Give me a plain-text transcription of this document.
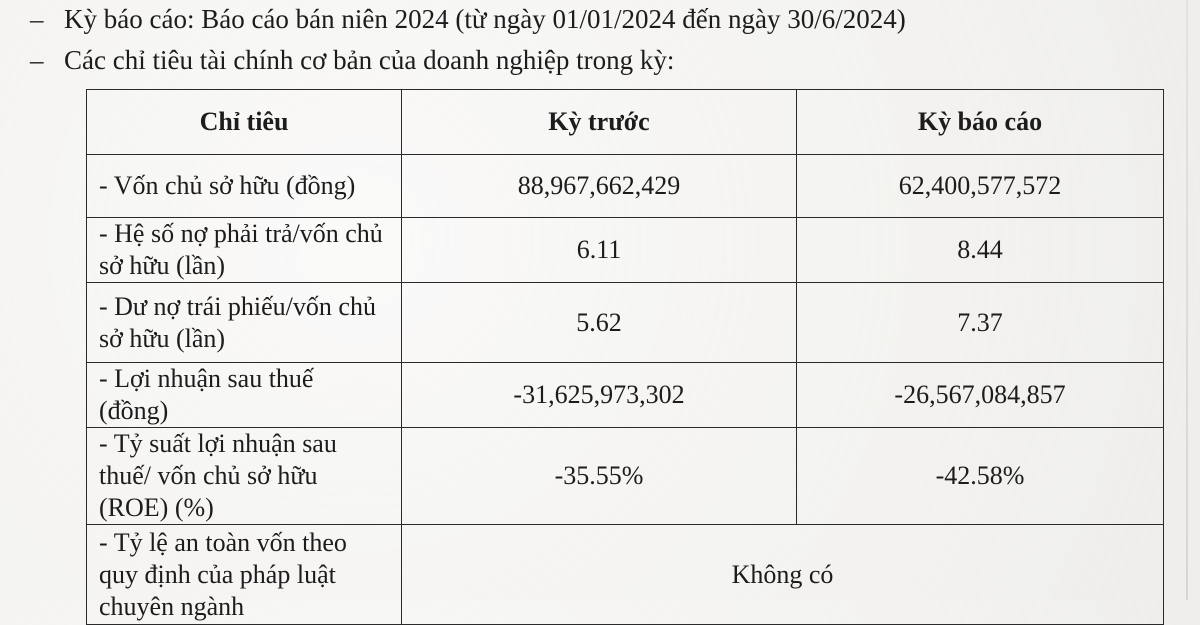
– Kỳ báo cáo: Báo cáo bán niên 2024 (từ ngày 01/01/2024 đến ngày 30/6/2024)
– Các chỉ tiêu tài chính cơ bản của doanh nghiệp trong kỳ:
Chỉ tiêu	Kỳ trước	Kỳ báo cáo
- Vốn chủ sở hữu (đồng)	88,967,662,429	62,400,577,572
- Hệ số nợ phải trả/vốn chủ sở hữu (lần)	6.11	8.44
- Dư nợ trái phiếu/vốn chủ sở hữu (lần)	5.62	7.37
- Lợi nhuận sau thuế (đồng)	-31,625,973,302	-26,567,084,857
- Tỷ suất lợi nhuận sau thuế/ vốn chủ sở hữu (ROE) (%)	-35.55%	-42.58%
- Tỷ lệ an toàn vốn theo quy định của pháp luật chuyên ngành	Không có	
